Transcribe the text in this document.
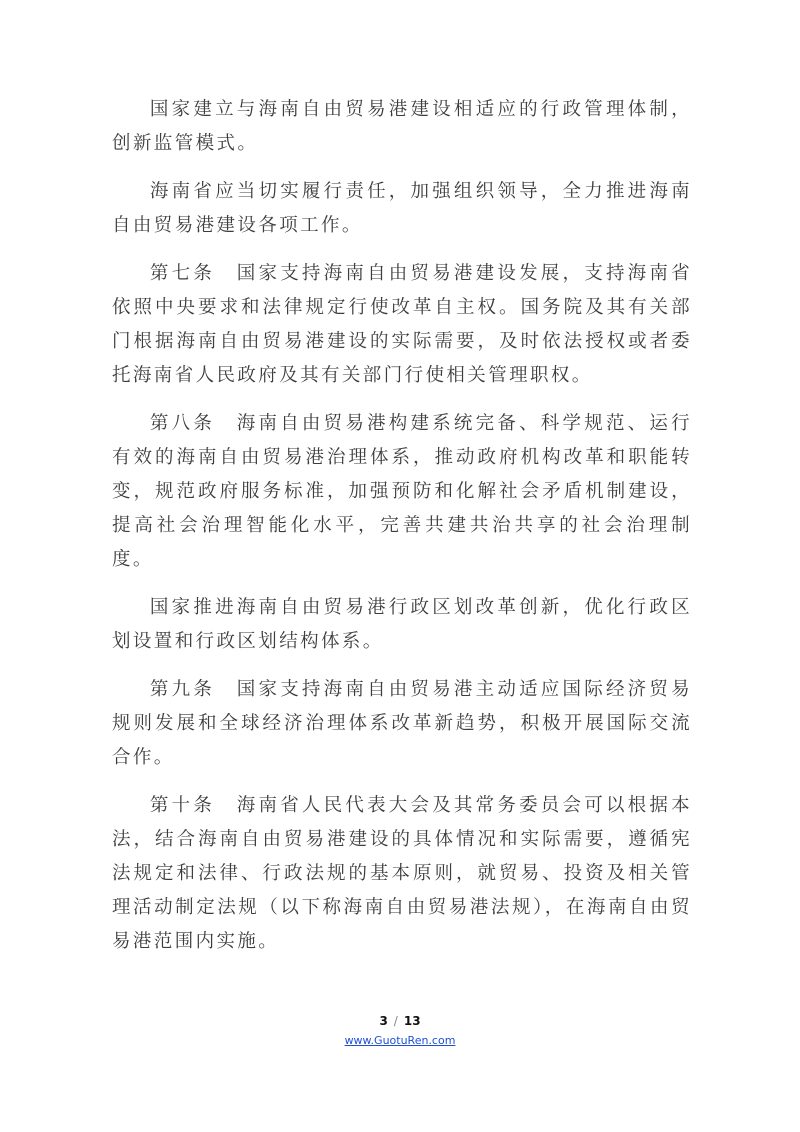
国家建立与海南自由贸易港建设相适应的行政管理体制，创新监管模式。

海南省应当切实履行责任，加强组织领导，全力推进海南自由贸易港建设各项工作。

第七条　国家支持海南自由贸易港建设发展，支持海南省依照中央要求和法律规定行使改革自主权。国务院及其有关部门根据海南自由贸易港建设的实际需要，及时依法授权或者委托海南省人民政府及其有关部门行使相关管理职权。

第八条　海南自由贸易港构建系统完备、科学规范、运行有效的海南自由贸易港治理体系，推动政府机构改革和职能转变，规范政府服务标准，加强预防和化解社会矛盾机制建设，提高社会治理智能化水平，完善共建共治共享的社会治理制度。

国家推进海南自由贸易港行政区划改革创新，优化行政区划设置和行政区划结构体系。

第九条　国家支持海南自由贸易港主动适应国际经济贸易规则发展和全球经济治理体系改革新趋势，积极开展国际交流合作。

第十条　海南省人民代表大会及其常务委员会可以根据本法，结合海南自由贸易港建设的具体情况和实际需要，遵循宪法规定和法律、行政法规的基本原则，就贸易、投资及相关管理活动制定法规（以下称海南自由贸易港法规），在海南自由贸易港范围内实施。

3 / 13
www.GuotuRen.com
